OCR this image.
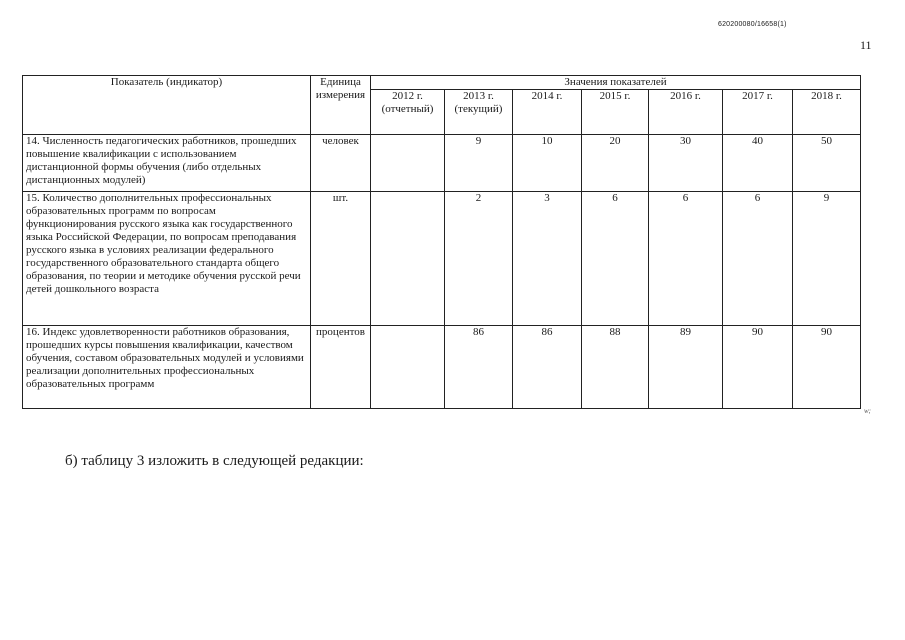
620200080/16658(1)
11
Показатель (индикатор)	Единица измерения	Значения показателей						
		2012 г. (отчетный)	2013 г. (текущий)	2014 г.	2015 г.	2016 г.	2017 г.	2018 г.
14. Численность педагогических работников, прошедших повышение квалификации с использованием дистанционной формы обучения (либо отдельных дистанционных модулей)	человек		9	10	20	30	40	50
15. Количество дополнительных профессиональных образовательных программ по вопросам функционирования русского языка как государственного языка Российской Федерации, по вопросам преподавания русского языка в условиях реализации федерального государственного образовательного стандарта общего образования, по теории и методике обучения русской речи детей дошкольного возраста	шт.		2	3	6	6	6	9
16. Индекс удовлетворенности работников образования, прошедших курсы повышения квалификации, качеством обучения, составом образовательных модулей и условиями реализации дополнительных профессиональных образовательных программ	процентов		86	86	88	89	90	90
w;
б) таблицу 3 изложить в следующей редакции:
